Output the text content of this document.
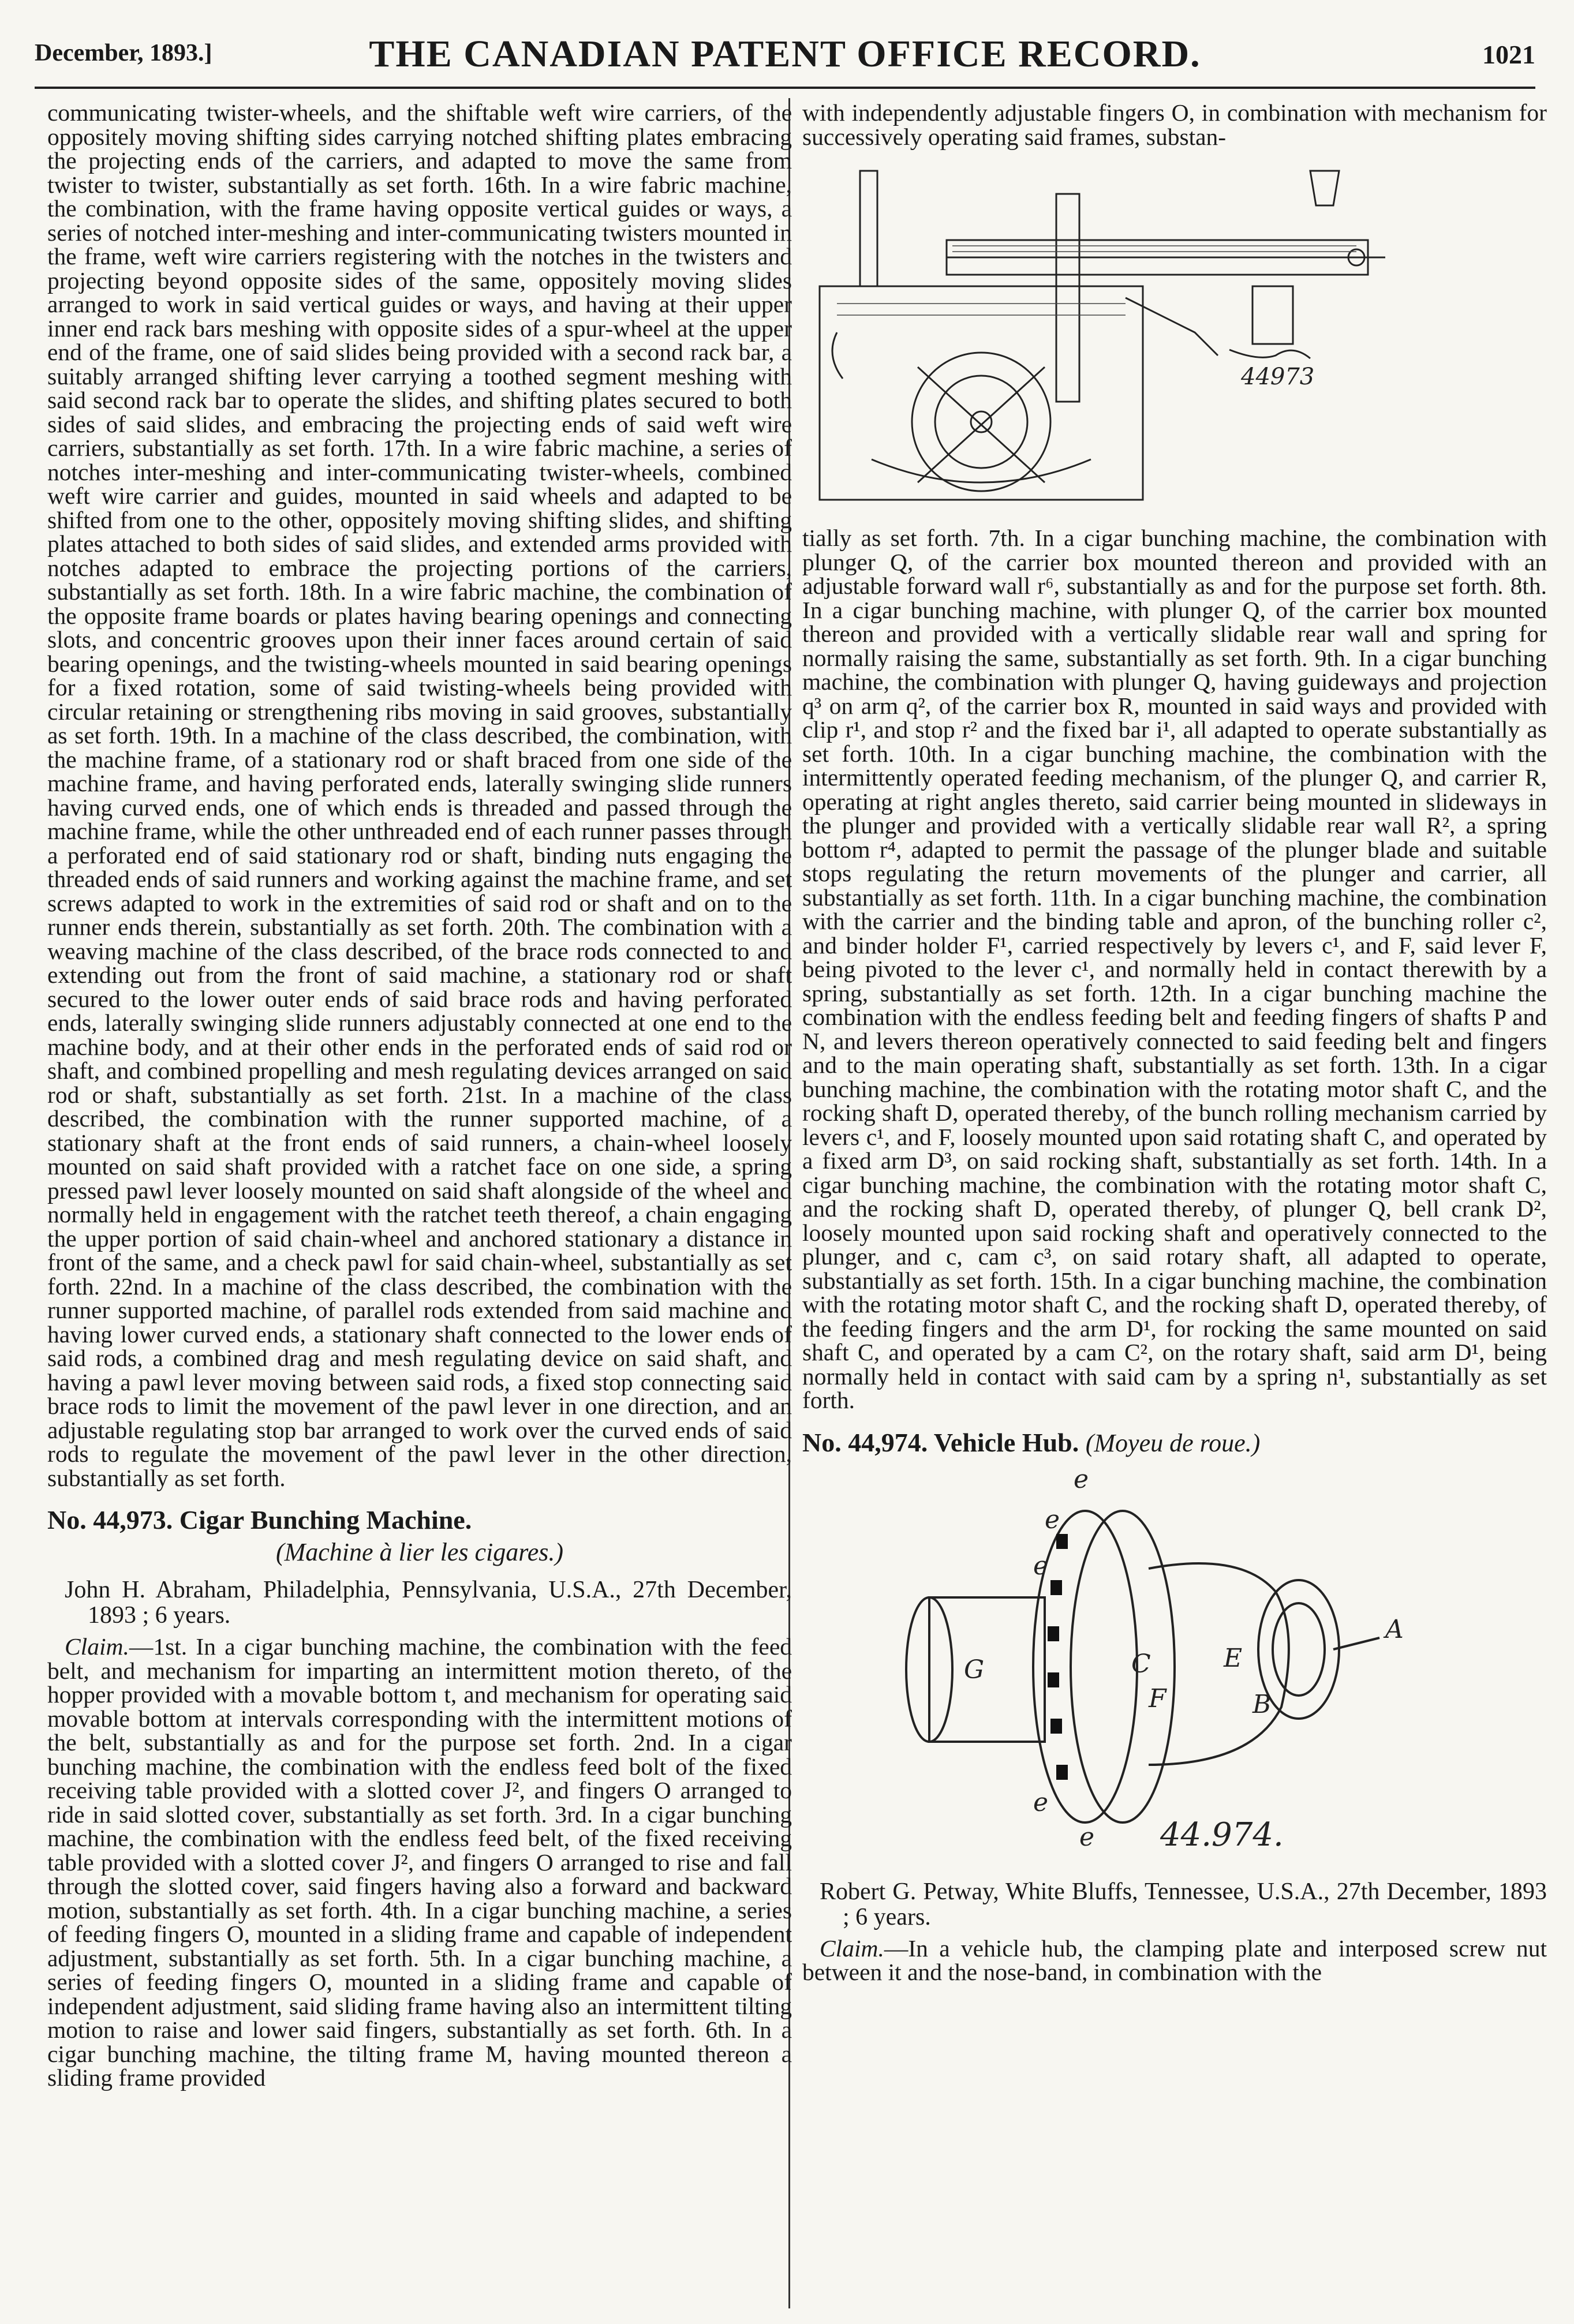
December, 1893.]	THE CANADIAN PATENT OFFICE RECORD.	1021

communicating twister-wheels, and the shiftable weft wire carriers, of the oppositely moving shifting sides carrying notched shifting plates embracing the projecting ends of the carriers, and adapted to move the same from twister to twister, substantially as set forth. 16th. In a wire fabric machine, the combination, with the frame having opposite vertical guides or ways, a series of notched inter-meshing and inter-communicating twisters mounted in the frame, weft wire carriers registering with the notches in the twisters and projecting beyond opposite sides of the same, oppositely moving slides arranged to work in said vertical guides or ways, and having at their upper inner end rack bars meshing with opposite sides of a spur-wheel at the upper end of the frame, one of said slides being provided with a second rack bar, a suitably arranged shifting lever carrying a toothed segment meshing with said second rack bar to operate the slides, and shifting plates secured to both sides of said slides, and embracing the projecting ends of said weft wire carriers, substantially as set forth. 17th. In a wire fabric machine, a series of notches inter-meshing and inter-communicating twister-wheels, combined weft wire carrier and guides, mounted in said wheels and adapted to be shifted from one to the other, oppositely moving shifting slides, and shifting plates attached to both sides of said slides, and extended arms provided with notches adapted to embrace the projecting portions of the carriers, substantially as set forth. 18th. In a wire fabric machine, the combination of the opposite frame boards or plates having bearing openings and connecting slots, and concentric grooves upon their inner faces around certain of said bearing openings, and the twisting-wheels mounted in said bearing openings for a fixed rotation, some of said twisting-wheels being provided with circular retaining or strengthening ribs moving in said grooves, substantially as set forth. 19th. In a machine of the class described, the combination, with the machine frame, of a stationary rod or shaft braced from one side of the machine frame, and having perforated ends, laterally swinging slide runners having curved ends, one of which ends is threaded and passed through the machine frame, while the other unthreaded end of each runner passes through a perforated end of said stationary rod or shaft, binding nuts engaging the threaded ends of said runners and working against the machine frame, and set screws adapted to work in the extremities of said rod or shaft and on to the runner ends therein, substantially as set forth. 20th. The combination with a weaving machine of the class described, of the brace rods connected to and extending out from the front of said machine, a stationary rod or shaft secured to the lower outer ends of said brace rods and having perforated ends, laterally swinging slide runners adjustably connected at one end to the machine body, and at their other ends in the perforated ends of said rod or shaft, and combined propelling and mesh regulating devices arranged on said rod or shaft, substantially as set forth. 21st. In a machine of the class described, the combination with the runner supported machine, of a stationary shaft at the front ends of said runners, a chain-wheel loosely mounted on said shaft provided with a ratchet face on one side, a spring pressed pawl lever loosely mounted on said shaft alongside of the wheel and normally held in engagement with the ratchet teeth thereof, a chain engaging the upper portion of said chain-wheel and anchored stationary a distance in front of the same, and a check pawl for said chain-wheel, substantially as set forth. 22nd. In a machine of the class described, the combination with the runner supported machine, of parallel rods extended from said machine and having lower curved ends, a stationary shaft connected to the lower ends of said rods, a combined drag and mesh regulating device on said shaft, and having a pawl lever moving between said rods, a fixed stop connecting said brace rods to limit the movement of the pawl lever in one direction, and an adjustable regulating stop bar arranged to work over the curved ends of said rods to regulate the movement of the pawl lever in the other direction, substantially as set forth.

No. 44,973. Cigar Bunching Machine.
(Machine à lier les cigares.)

John H. Abraham, Philadelphia, Pennsylvania, U.S.A., 27th December, 1893 ; 6 years.

Claim.—1st. In a cigar bunching machine, the combination with the feed belt, and mechanism for imparting an intermittent motion thereto, of the hopper provided with a movable bottom t, and mechanism for operating said movable bottom at intervals corresponding with the intermittent motions of the belt, substantially as and for the purpose set forth. 2nd. In a cigar bunching machine, the combination with the endless feed bolt of the fixed receiving table provided with a slotted cover J², and fingers O arranged to ride in said slotted cover, substantially as set forth. 3rd. In a cigar bunching machine, the combination with the endless feed belt, of the fixed receiving table provided with a slotted cover J², and fingers O arranged to rise and fall through the slotted cover, said fingers having also a forward and backward motion, substantially as set forth. 4th. In a cigar bunching machine, a series of feeding fingers O, mounted in a sliding frame and capable of independent adjustment, substantially as set forth. 5th. In a cigar bunching machine, a series of feeding fingers O, mounted in a sliding frame and capable of independent adjustment, said sliding frame having also an intermittent tilting motion to raise and lower said fingers, substantially as set forth. 6th. In a cigar bunching machine, the tilting frame M, having mounted thereon a sliding frame provided

with independently adjustable fingers O, in combination with mechanism for successively operating said frames, substan-

44973

tially as set forth. 7th. In a cigar bunching machine, the combination with plunger Q, of the carrier box mounted thereon and provided with an adjustable forward wall r⁶, substantially as and for the purpose set forth. 8th. In a cigar bunching machine, with plunger Q, of the carrier box mounted thereon and provided with a vertically slidable rear wall and spring for normally raising the same, substantially as set forth. 9th. In a cigar bunching machine, the combination with plunger Q, having guideways and projection q³ on arm q², of the carrier box R, mounted in said ways and provided with clip r¹, and stop r² and the fixed bar i¹, all adapted to operate substantially as set forth. 10th. In a cigar bunching machine, the combination with the intermittently operated feeding mechanism, of the plunger Q, and carrier R, operating at right angles thereto, said carrier being mounted in slideways in the plunger and provided with a vertically slidable rear wall R², a spring bottom r⁴, adapted to permit the passage of the plunger blade and suitable stops regulating the return movements of the plunger and carrier, all substantially as set forth. 11th. In a cigar bunching machine, the combination with the carrier and the binding table and apron, of the bunching roller c², and binder holder F¹, carried respectively by levers c¹, and F, said lever F, being pivoted to the lever c¹, and normally held in contact therewith by a spring, substantially as set forth. 12th. In a cigar bunching machine the combination with the endless feeding belt and feeding fingers of shafts P and N, and levers thereon operatively connected to said feeding belt and fingers and to the main operating shaft, substantially as set forth. 13th. In a cigar bunching machine, the combination with the rotating motor shaft C, and the rocking shaft D, operated thereby, of the bunch rolling mechanism carried by levers c¹, and F, loosely mounted upon said rotating shaft C, and operated by a fixed arm D³, on said rocking shaft, substantially as set forth. 14th. In a cigar bunching machine, the combination with the rotating motor shaft C, and the rocking shaft D, operated thereby, of plunger Q, bell crank D², loosely mounted upon said rocking shaft and operatively connected to the plunger, and c, cam c³, on said rotary shaft, all adapted to operate, substantially as set forth. 15th. In a cigar bunching machine, the combination with the rotating motor shaft C, and the rocking shaft D, operated thereby, of the feeding fingers and the arm D¹, for rocking the same mounted on said shaft C, and operated by a cam C², on the rotary shaft, said arm D¹, being normally held in contact with said cam by a spring n¹, substantially as set forth.

No. 44,974. Vehicle Hub. (Moyeu de roue.)
e
e
e
A
G	C
F
E
B
e
e 44.974.

Robert G. Petway, White Bluffs, Tennessee, U.S.A., 27th December, 1893 ; 6 years.

Claim.—In a vehicle hub, the clamping plate and interposed screw nut between it and the nose-band, in combination with the
